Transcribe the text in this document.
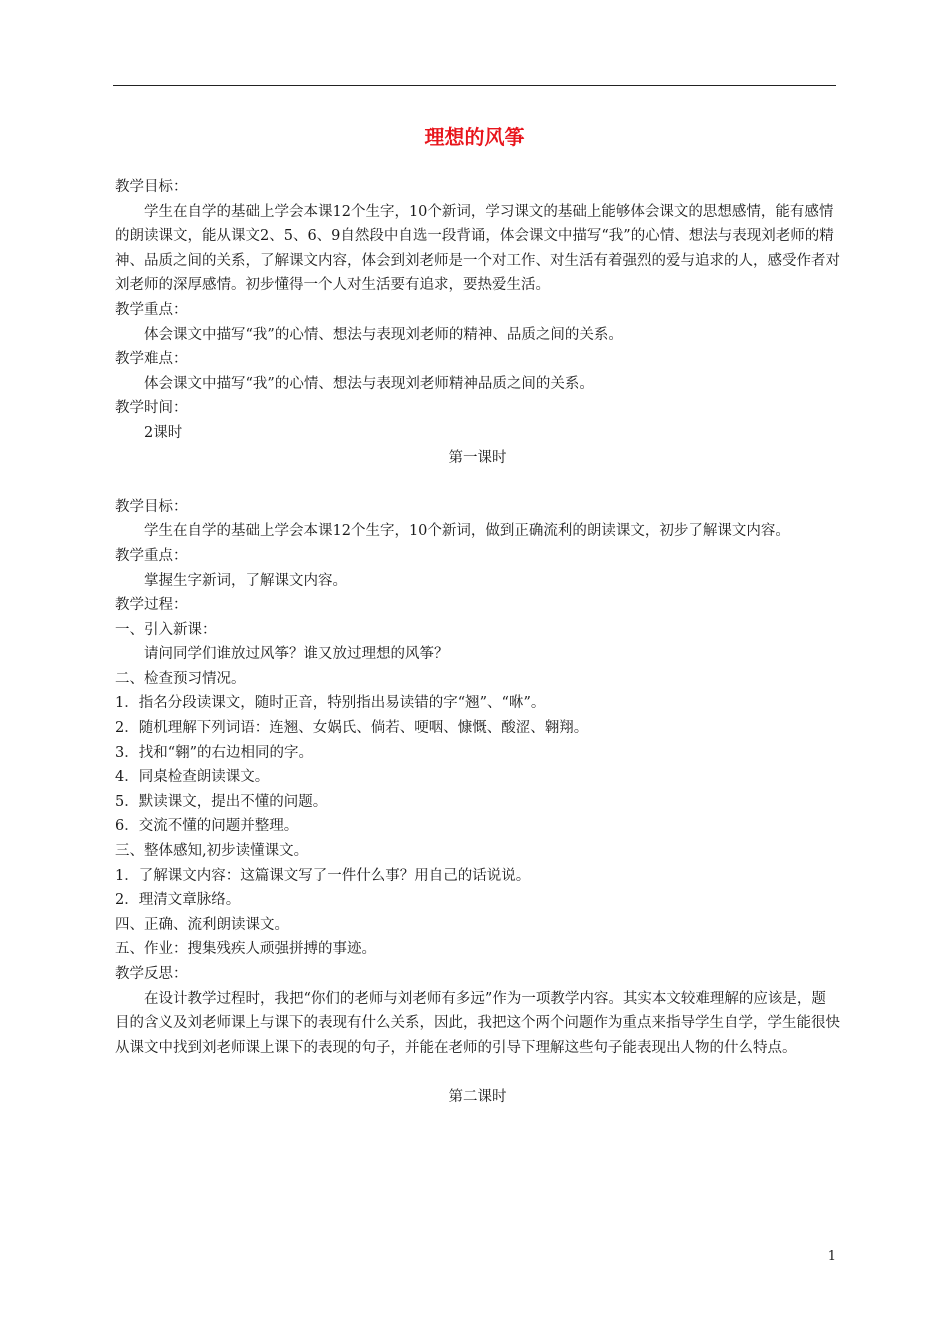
理想的风筝

教学目标：

学生在自学的基础上学会本课12个生字，10个新词，学习课文的基础上能够体会课文的思想感情，能有感情的朗读课文，能从课文2、5、6、9自然段中自选一段背诵，体会课文中描写“我”的心情、想法与表现刘老师的精神、品质之间的关系，了解课文内容，体会到刘老师是一个对工作、对生活有着强烈的爱与追求的人，感受作者对刘老师的深厚感情。初步懂得一个人对生活要有追求，要热爱生活。

教学重点：

体会课文中描写“我”的心情、想法与表现刘老师的精神、品质之间的关系。

教学难点：

体会课文中描写“我”的心情、想法与表现刘老师精神品质之间的关系。

教学时间：

2课时

第一课时

教学目标：

学生在自学的基础上学会本课12个生字，10个新词，做到正确流利的朗读课文，初步了解课文内容。

教学重点：

掌握生字新词，了解课文内容。

教学过程：

一、引入新课：

请问同学们谁放过风筝？谁又放过理想的风筝？

二、检查预习情况。

1．指名分段读课文，随时正音，特别指出易读错的字“翘”、“咻”。

2．随机理解下列词语：连翘、女娲氏、倘若、哽咽、慷慨、酸涩、翱翔。

3．找和“翱”的右边相同的字。

4．同桌检查朗读课文。

5．默读课文，提出不懂的问题。

6．交流不懂的问题并整理。

三、整体感知,初步读懂课文。

1．了解课文内容：这篇课文写了一件什么事？用自己的话说说。

2．理清文章脉络。

四、正确、流利朗读课文。

五、作业：搜集残疾人顽强拼搏的事迹。

教学反思：

在设计教学过程时，我把“你们的老师与刘老师有多远”作为一项教学内容。其实本文较难理解的应该是，题目的含义及刘老师课上与课下的表现有什么关系，因此，我把这个两个问题作为重点来指导学生自学，学生能很快从课文中找到刘老师课上课下的表现的句子，并能在老师的引导下理解这些句子能表现出人物的什么特点。

第二课时

1
